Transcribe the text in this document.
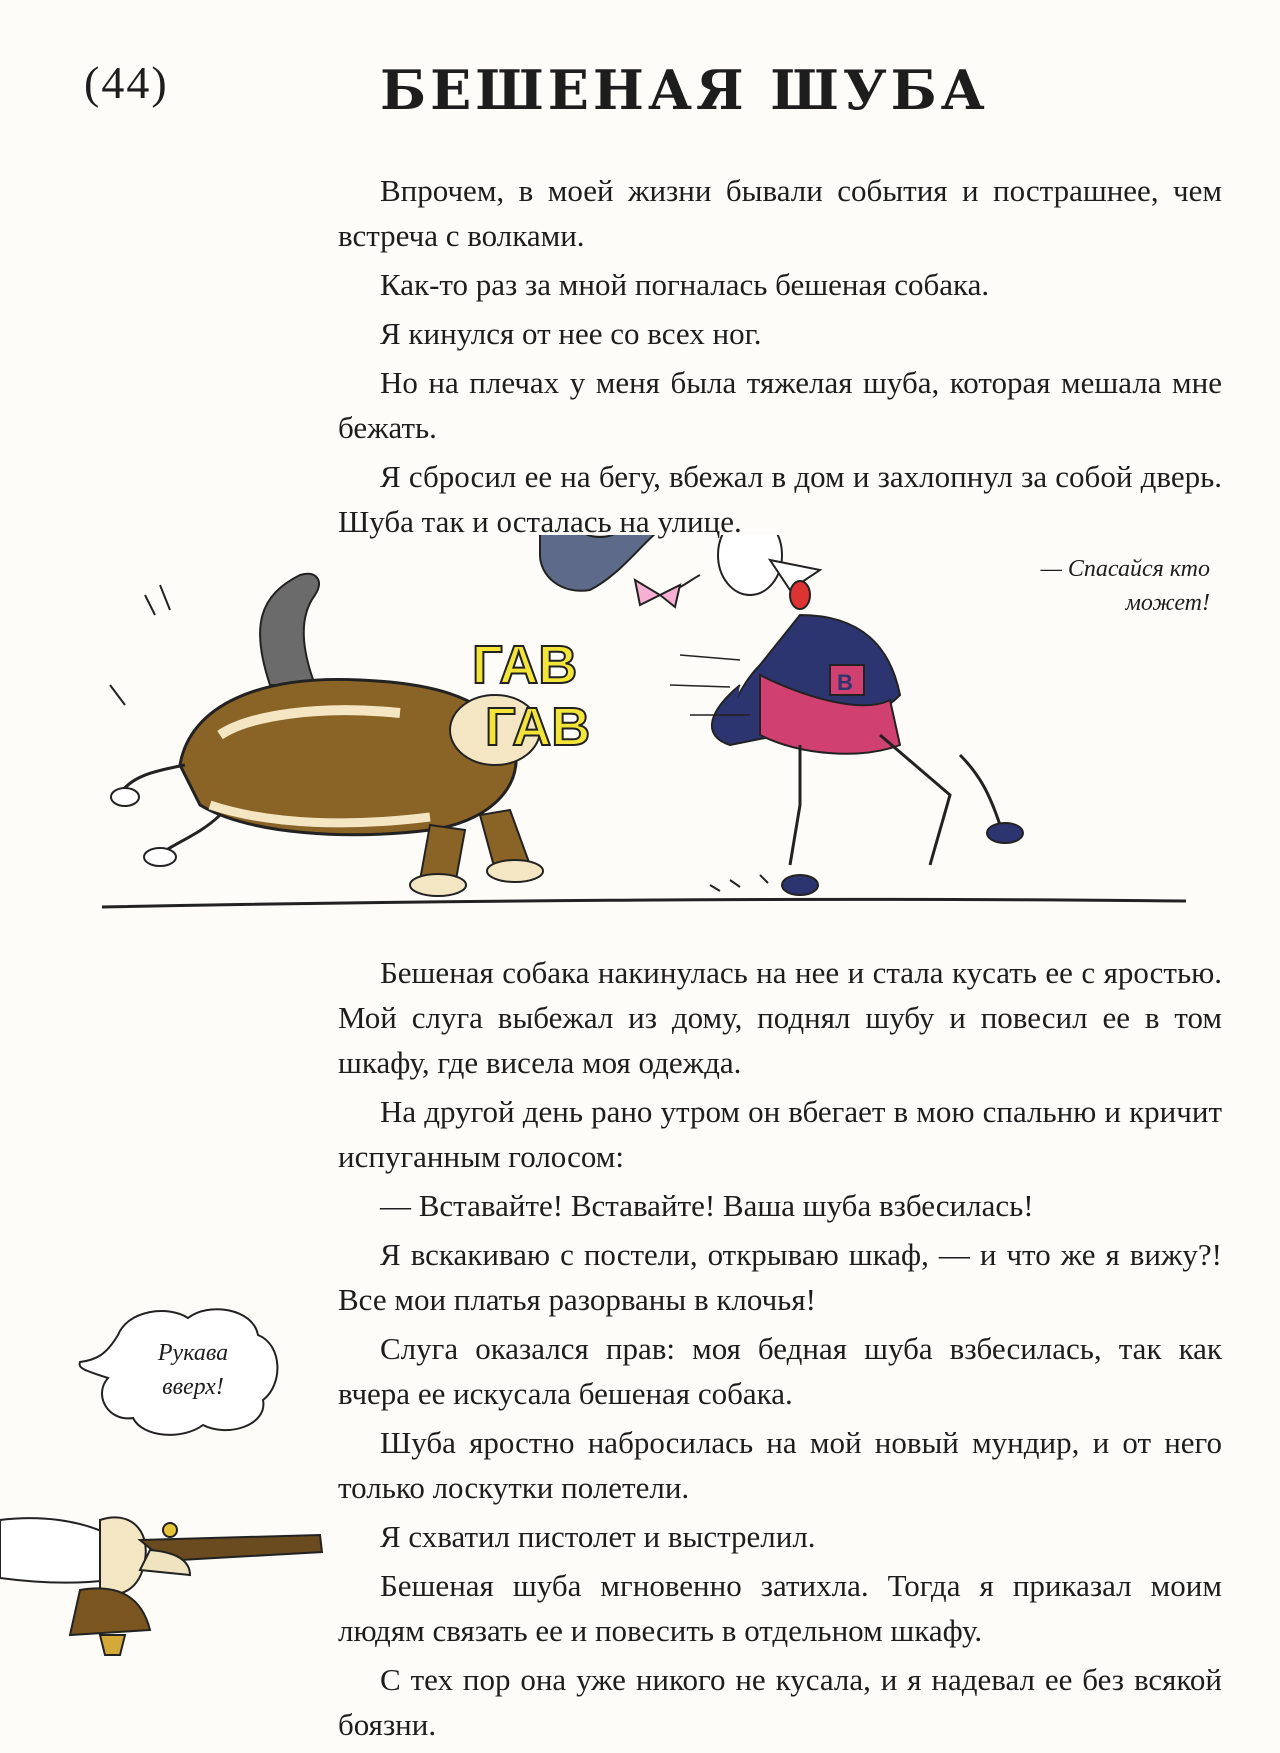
(44)	БЕШЕНАЯ ШУБА

Впрочем, в моей жизни бывали события и пострашнее, чем встреча с волками.

Как-то раз за мной погналась бешеная собака.

Я кинулся от нее со всех ног.

Но на плечах у меня была тяжелая шуба, которая мешала мне бежать.

Я сбросил ее на бегу, вбежал в дом и захлопнул за собой дверь. Шуба так и осталась на улице.

ГАВ
ГАВ
B
— Спасайся кто может!

Бешеная собака накинулась на нее и стала кусать ее с яростью. Мой слуга выбежал из дому, поднял шубу и повесил ее в том шкафу, где висела моя одежда.

На другой день рано утром он вбегает в мою спальню и кричит испуганным голосом:

— Вставайте! Вставайте! Ваша шуба взбесилась!

Я вскакиваю с постели, открываю шкаф, — и что же я вижу?! Все мои платья разорваны в клочья!

Слуга оказался прав: моя бедная шуба взбесилась, так как вчера ее искусала бешеная собака.

Шуба яростно набросилась на мой новый мундир, и от него только лоскутки полетели.

Я схватил пистолет и выстрелил.

Бешеная шуба мгновенно затихла. Тогда я приказал моим людям связать ее и повесить в отдельном шкафу.

С тех пор она уже никого не кусала, и я надевал ее без всякой боязни.

Рукава
вверх!
